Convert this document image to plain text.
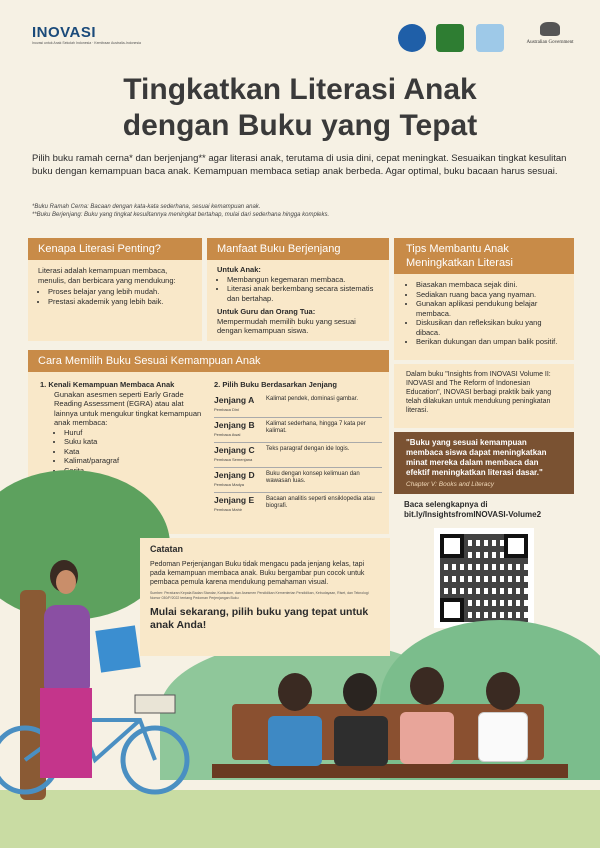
INOVASI
Inovasi untuk Anak Sekolah Indonesia · Kemitraan Australia-Indonesia	Australian Government
Tingkatkan Literasi Anak
dengan Buku yang Tepat
Pilih buku ramah cerna* dan berjenjang** agar literasi anak, terutama di usia dini, cepat meningkat. Sesuaikan tingkat kesulitan buku dengan kemampuan baca anak. Kemampuan membaca setiap anak berbeda. Agar optimal, buku bacaan harus sesuai.
*Buku Ramah Cerna: Bacaan dengan kata-kata sederhana, sesuai kemampuan anak.
**Buku Berjenjang: Buku yang tingkat kesulitannya meningkat bertahap, mulai dari sederhana hingga kompleks.
Kenapa Literasi Penting?
Literasi adalah kemampuan membaca, menulis, dan berbicara yang mendukung:
• Proses belajar yang lebih mudah.
• Prestasi akademik yang lebih baik.
Manfaat Buku Berjenjang
Untuk Anak:
• Membangun kegemaran membaca.
• Literasi anak berkembang secara sistematis dan bertahap.
Untuk Guru dan Orang Tua:
Mempermudah memilih buku yang sesuai dengan kemampuan siswa.
Tips Membantu Anak Meningkatkan Literasi
• Biasakan membaca sejak dini.
• Sediakan ruang baca yang nyaman.
• Gunakan aplikasi pendukung belajar membaca.
• Diskusikan dan refleksikan buku yang dibaca.
• Berikan dukungan dan umpan balik positif.
Cara Memilih Buku Sesuai Kemampuan Anak
1. Kenali Kemampuan Membaca Anak
Gunakan asesmen seperti Early Grade Reading Assessment (EGRA) atau alat lainnya untuk mengukur tingkat kemampuan anak membaca:
• Huruf
• Suku kata
• Kata
• Kalimat/paragraf
•
2. Pilih Buku Berdasarkan Jenjang
Jenjang A
Pembaca Dini
Kalimat pendek, dominasi gambar.
Jenjang B
Pembaca Awal
Kalimat sederhana, hingga 7 kata per kalimat.
Jenjang C
Pembaca Semenjana
Teks paragraf dengan ide logis.
Jenjang D
Pembaca Madya
Buku dengan konsep kelimuan dan wawasan luas.
Jenjang E
Pembaca Mahir
Bacaan analitis seperti ensiklopedia atau biografi.
Dalam buku "Insights from INOVASI Volume II: INOVASI and The Reform of Indonesian Education", INOVASI berbagi praktik baik yang telah dilakukan untuk mendukung peningkatan literasi.
"Buku yang sesuai kemampuan membaca siswa dapat meningkatkan minat mereka dalam membaca dan efektif meningkatkan literasi dasar."
Chapter V: Books and Literacy
Baca selengkapnya di
bit.ly/InsightsfromINOVASI-Volume2
Catatan
Pedoman Perjenjangan Buku tidak mengacu pada jenjang kelas, tapi pada kemampuan membaca anak. Buku bergambar pun cocok untuk pembaca pemula karena mendukung pemahaman visual.
Sumber: Peraturan Kepala Badan Standar, Kurikulum, dan Asesmen Pendidikan Kementerian Pendidikan, Kebudayaan, Riset, dan Teknologi Nomor 030/P/2022 tentang Pedoman Perjenjangan Buku
Mulai sekarang, pilih buku yang tepat untuk anak Anda!
